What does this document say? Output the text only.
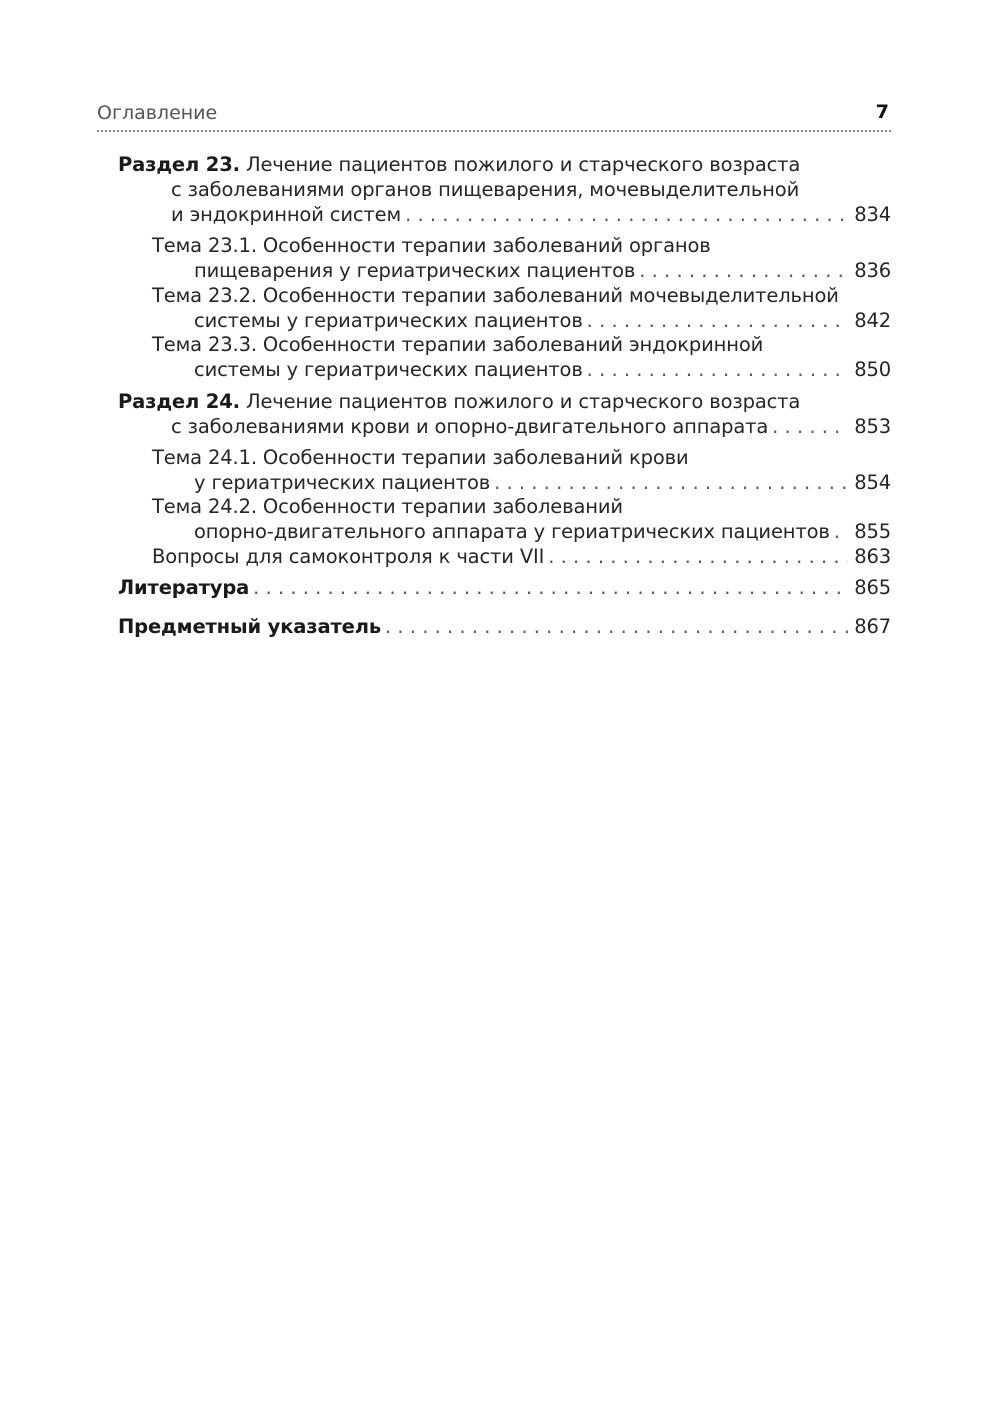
Оглавление	7
Раздел 23. Лечение пациентов пожилого и старческого возраста
с заболеваниями органов пищеварения, мочевыделительной
и эндокринной систем . . .	834
Тема 23.1. Особенности терапии заболеваний органов
пищеварения у гериатрических пациентов . . .	836
Тема 23.2. Особенности терапии заболеваний мочевыделительной
системы у гериатрических пациентов . . .	842
Тема 23.3. Особенности терапии заболеваний эндокринной
системы у гериатрических пациентов . . .	850
Раздел 24. Лечение пациентов пожилого и старческого возраста
с заболеваниями крови и опорно-двигательного аппарата . . .	853
Тема 24.1. Особенности терапии заболеваний крови
у гериатрических пациентов . . .	854
Тема 24.2. Особенности терапии заболеваний
опорно-двигательного аппарата у гериатрических пациентов . . . 855
Вопросы для самоконтроля к части VII . . .	863
Литература . . .	865
Предметный указатель . . .	867
